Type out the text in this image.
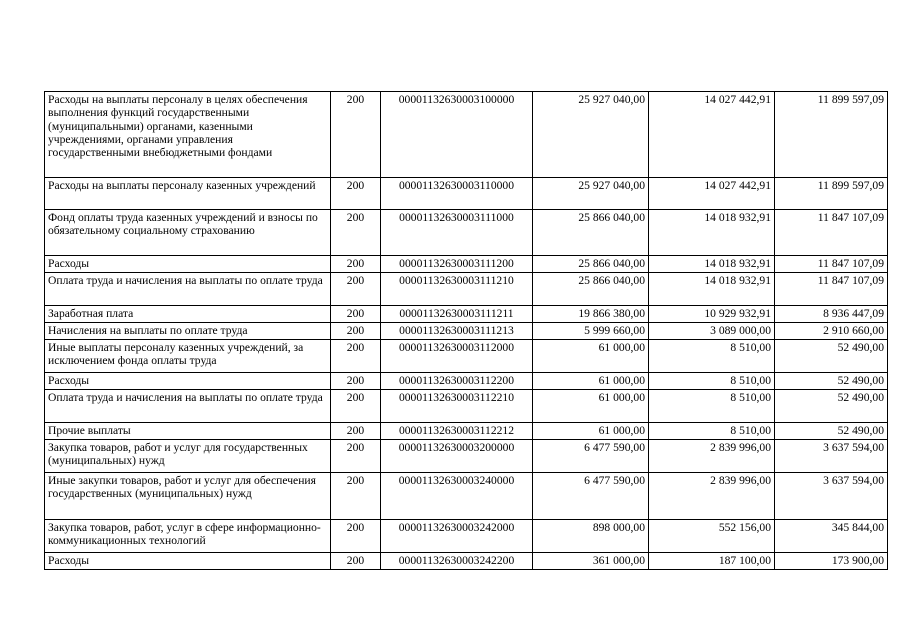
Расходы на выплаты персоналу в целях обеспечения выполнения функций государственными (муниципальными) органами, казенными учреждениями, органами управления государственными внебюджетными фондами	200	00001132630003100000	25 927 040,00	14 027 442,91	11 899 597,09
Расходы на выплаты персоналу казенных учреждений	200	00001132630003110000	25 927 040,00	14 027 442,91	11 899 597,09
Фонд оплаты труда казенных учреждений и взносы по обязательному социальному страхованию	200	00001132630003111000	25 866 040,00	14 018 932,91	11 847 107,09
Расходы	200	00001132630003111200	25 866 040,00	14 018 932,91	11 847 107,09
Оплата труда и начисления на выплаты по оплате труда	200	00001132630003111210	25 866 040,00	14 018 932,91	11 847 107,09
Заработная плата	200	00001132630003111211	19 866 380,00	10 929 932,91	8 936 447,09
Начисления на выплаты по оплате труда	200	00001132630003111213	5 999 660,00	3 089 000,00	2 910 660,00
Иные выплаты персоналу казенных учреждений, за исключением фонда оплаты труда	200	00001132630003112000	61 000,00	8 510,00	52 490,00
Расходы	200	00001132630003112200	61 000,00	8 510,00	52 490,00
Оплата труда и начисления на выплаты по оплате труда	200	00001132630003112210	61 000,00	8 510,00	52 490,00
Прочие выплаты	200	00001132630003112212	61 000,00	8 510,00	52 490,00
Закупка товаров, работ и услуг для государственных (муниципальных) нужд	200	00001132630003200000	6 477 590,00	2 839 996,00	3 637 594,00
Иные закупки товаров, работ и услуг для обеспечения государственных (муниципальных) нужд	200	00001132630003240000	6 477 590,00	2 839 996,00	3 637 594,00
Закупка товаров, работ, услуг в сфере информационно-коммуникационных технологий	200	00001132630003242000	898 000,00	552 156,00	345 844,00
Расходы	200	00001132630003242200	361 000,00	187 100,00	173 900,00
